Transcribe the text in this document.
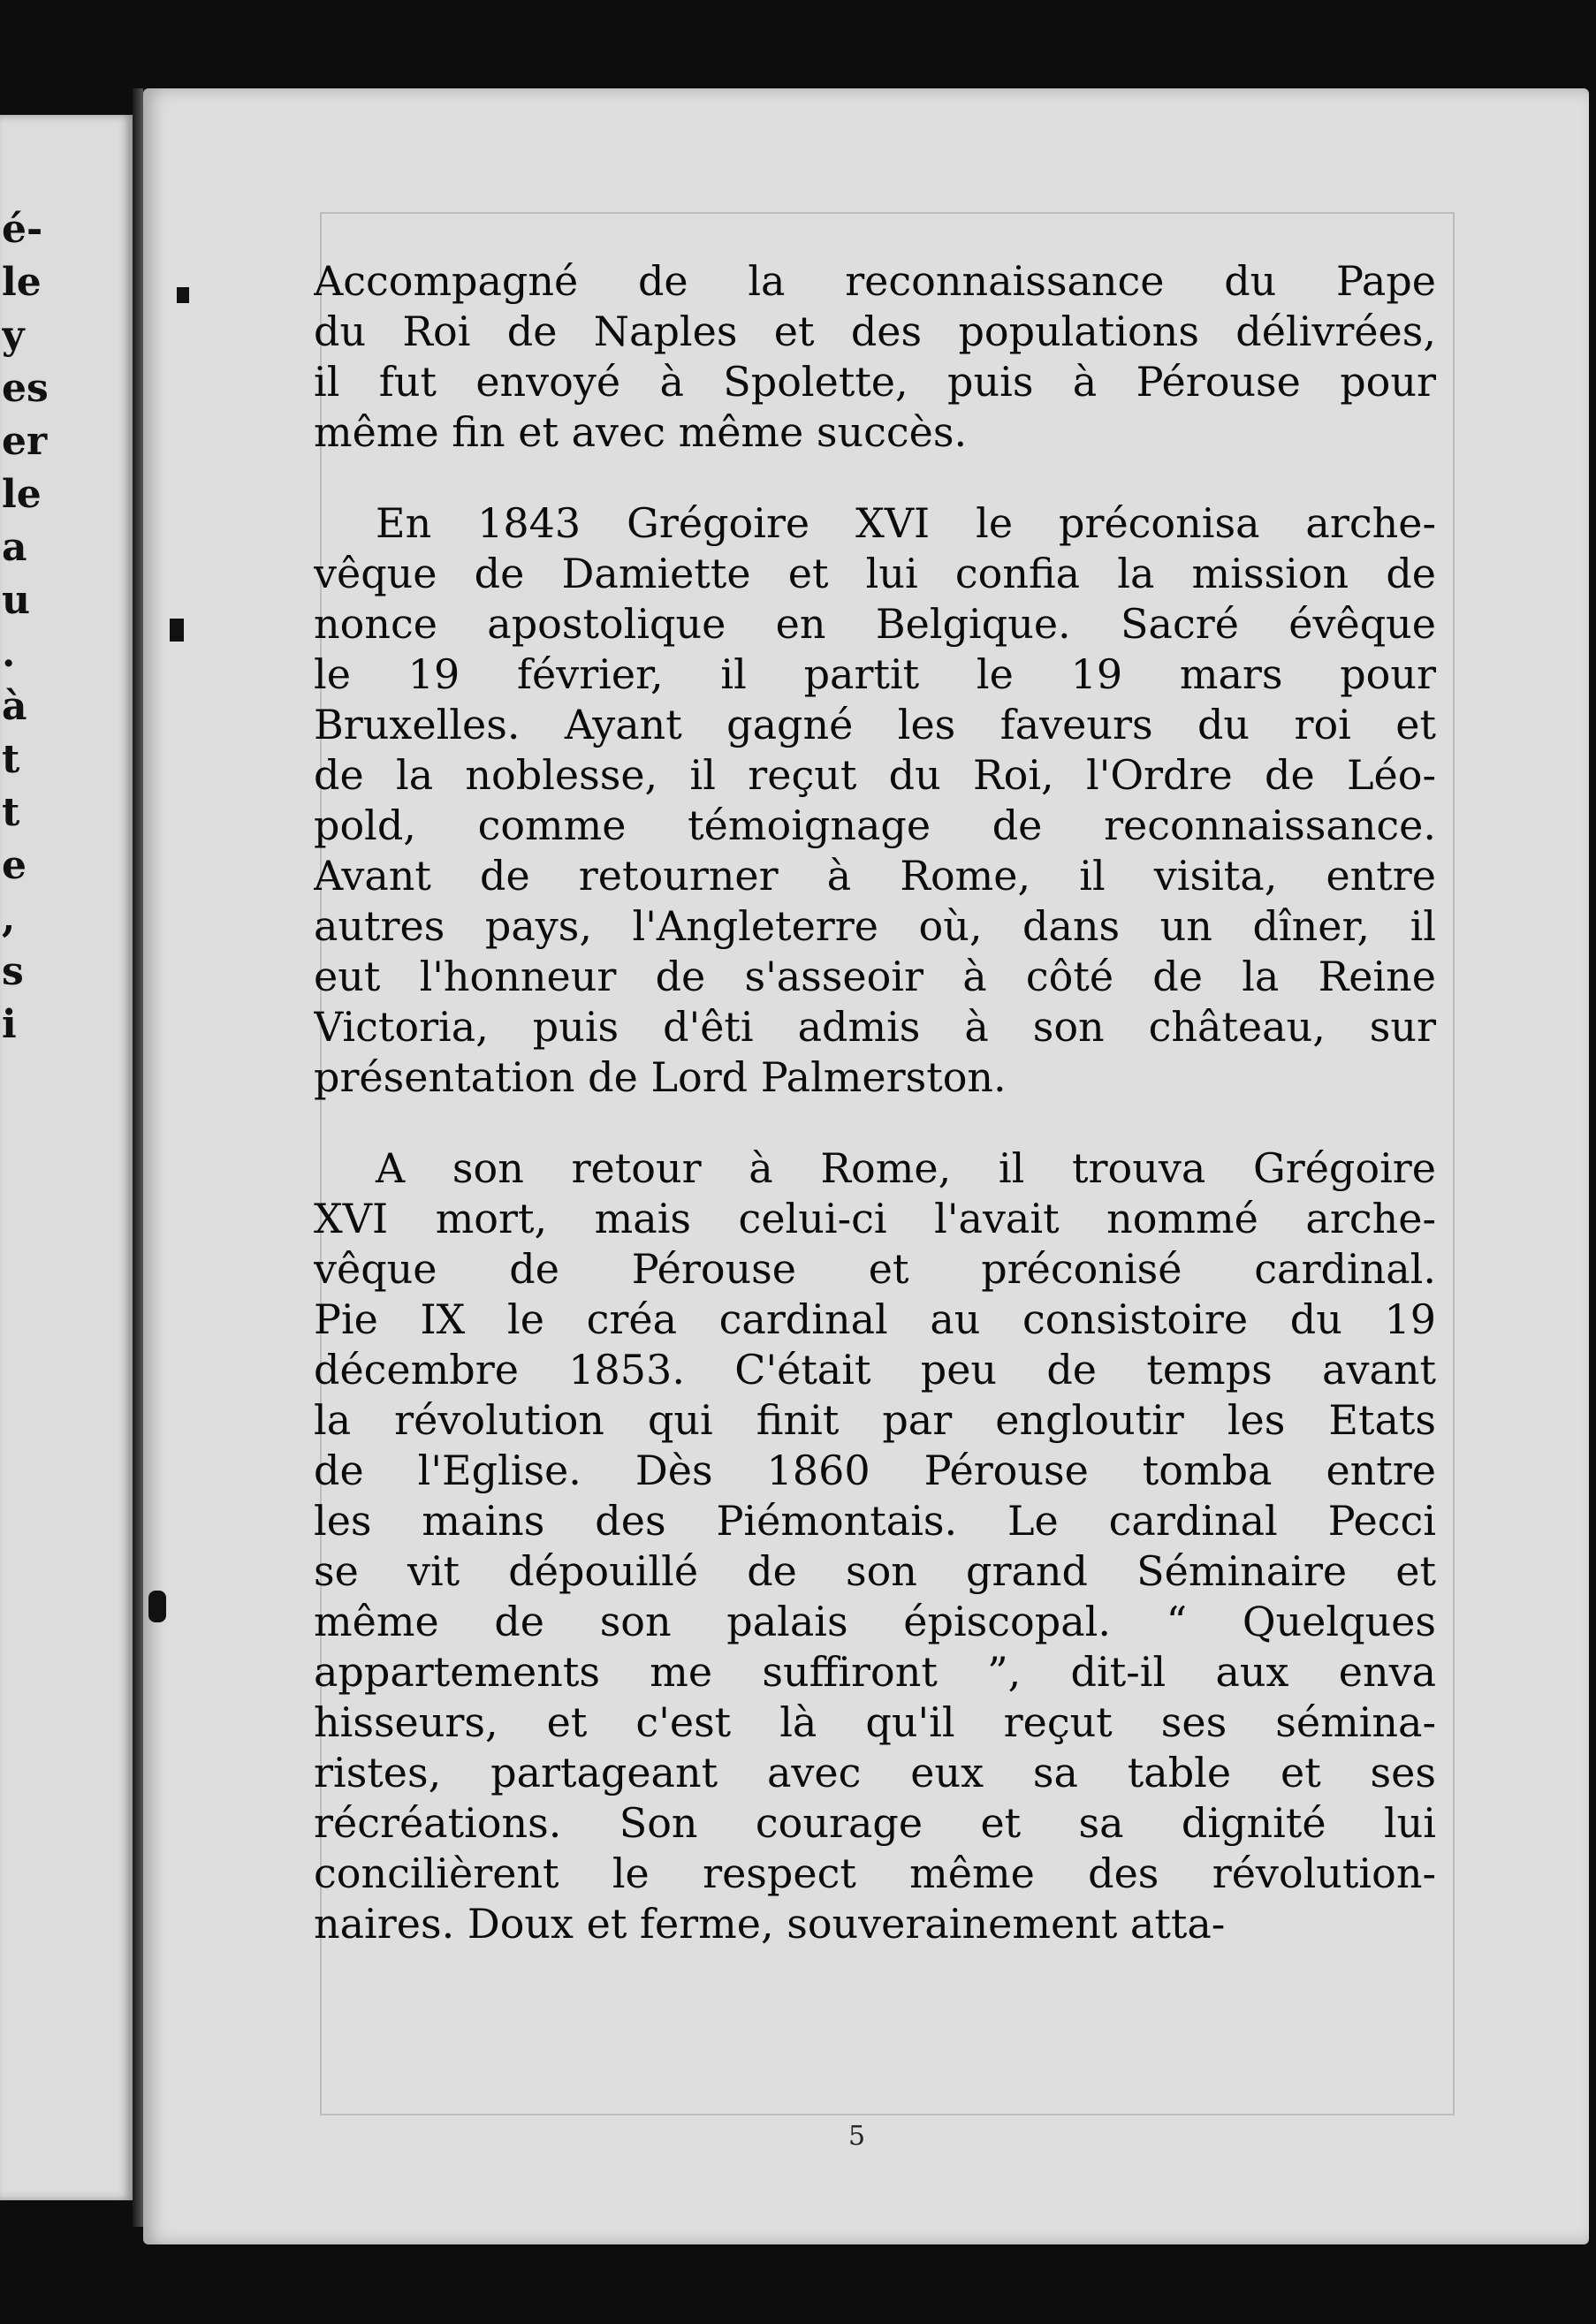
é-
le
y
es
er
le
a
u
.
à
t
t
e
,
s
i
Accompagné de la reconnaissance du Pape
du Roi de Naples et des populations délivrées,
il fut envoyé à Spolette, puis à Pérouse pour
même fin et avec même succès.
En 1843 Grégoire XVI le préconisa arche-
vêque de Damiette et lui confia la mission de
nonce apostolique en Belgique. Sacré évêque
le 19 février, il partit le 19 mars pour
Bruxelles. Ayant gagné les faveurs du roi et
de la noblesse, il reçut du Roi, l'Ordre de Léo-
pold, comme témoignage de reconnaissance.
Avant de retourner à Rome, il visita, entre
autres pays, l'Angleterre où, dans un dîner, il
eut l'honneur de s'asseoir à côté de la Reine
Victoria, puis d'êti admis à son château, sur
présentation de Lord Palmerston.
A son retour à Rome, il trouva Grégoire
XVI mort, mais celui-ci l'avait nommé arche-
vêque de Pérouse et préconisé cardinal.
Pie IX le créa cardinal au consistoire du 19
décembre 1853. C'était peu de temps avant
la révolution qui finit par engloutir les Etats
de l'Eglise. Dès 1860 Pérouse tomba entre
les mains des Piémontais. Le cardinal Pecci
se vit dépouillé de son grand Séminaire et
même de son palais épiscopal. “ Quelques
appartements me suffiront ”, dit-il aux enva
hisseurs, et c'est là qu'il reçut ses sémina-
ristes, partageant avec eux sa table et ses
récréations. Son courage et sa dignité lui
concilièrent le respect même des révolution-
naires. Doux et ferme, souverainement atta-
5
